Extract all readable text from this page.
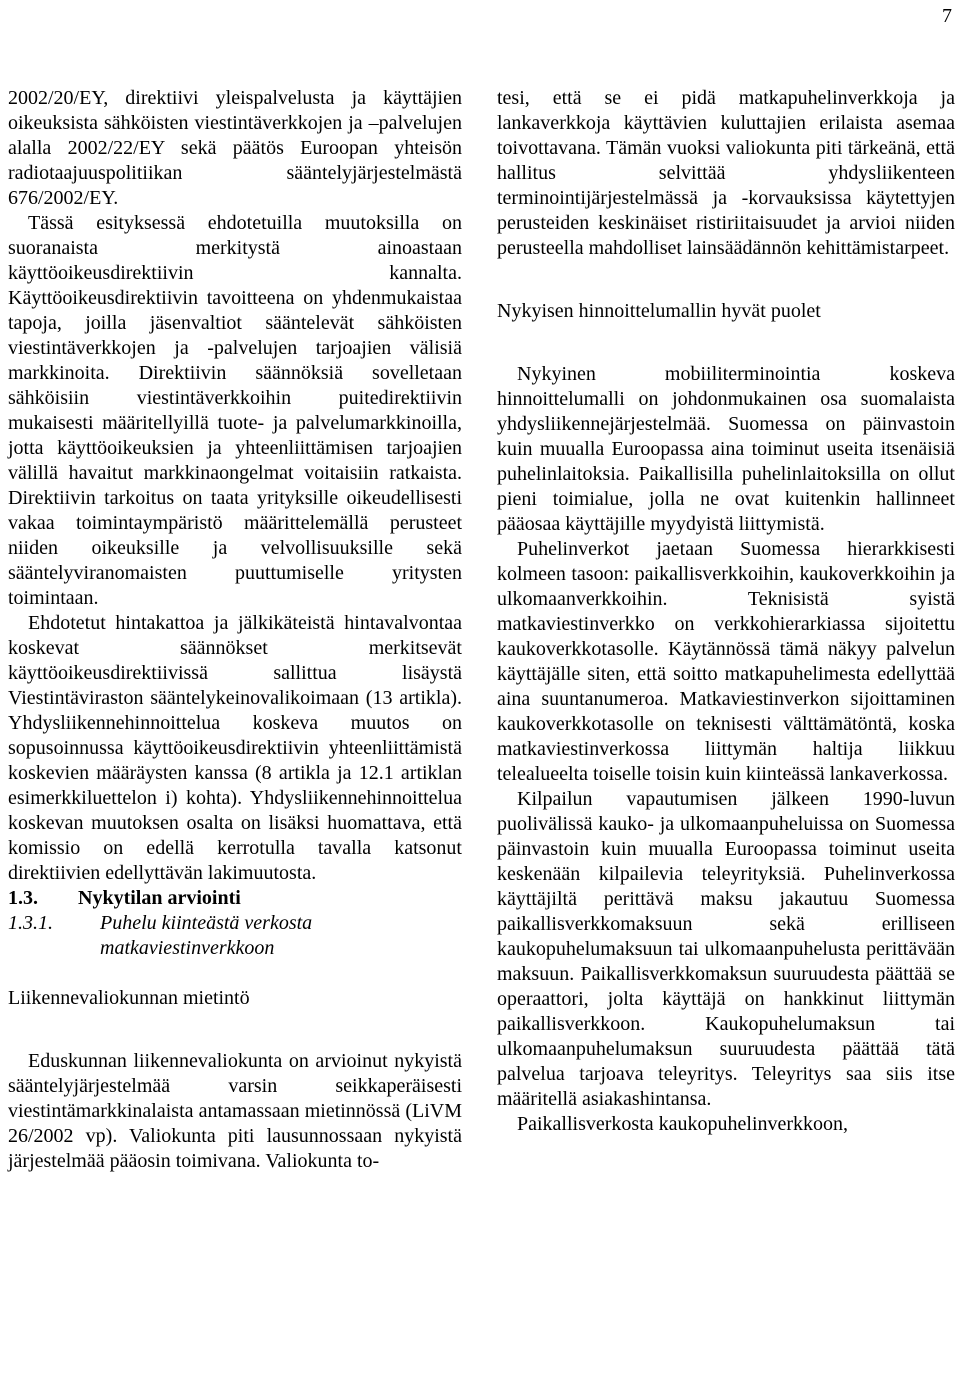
7

2002/20/EY, direktiivi yleispalvelusta ja käyttäjien oikeuksista sähköisten viestintäverkkojen ja –palvelujen alalla 2002/22/EY sekä päätös Euroopan yhteisön radiotaajuuspolitiikan sääntelyjärjestelmästä 676/2002/EY.

Tässä esityksessä ehdotetuilla muutoksilla on suoranaista merkitystä ainoastaan käyttöoikeusdirektiivin kannalta. Käyttöoikeusdirektiivin tavoitteena on yhdenmukaistaa tapoja, joilla jäsenvaltiot sääntelevät sähköisten viestintäverkkojen ja -palvelujen tarjoajien välisiä markkinoita. Direktiivin säännöksiä sovelletaan sähköisiin viestintäverkkoihin puitedirektiivin mukaisesti määritellyillä tuote- ja palvelumarkkinoilla, jotta käyttöoikeuksien ja yhteenliittämisen tarjoajien välillä havaitut markkinaongelmat voitaisiin ratkaista. Direktiivin tarkoitus on taata yrityksille oikeudellisesti vakaa toimintaympäristö määrittelemällä perusteet niiden oikeuksille ja velvollisuuksille sekä sääntelyviranomaisten puuttumiselle yritysten toimintaan.

Ehdotetut hintakattoa ja jälkikäteistä hintavalvontaa koskevat säännökset merkitsevät käyttöoikeusdirektiivissä sallittua lisäystä Viestintäviraston sääntelykeinovalikoimaan (13 artikla). Yhdysliikennehinnoittelua koskeva muutos on sopusoinnussa käyttöoikeusdirektiivin yhteenliittämistä koskevien määräysten kanssa (8 artikla ja 12.1 artiklan esimerkkiluettelon i) kohta). Yhdysliikennehinnoittelua koskevan muutoksen osalta on lisäksi huomattava, että komissio on edellä kerrotulla tavalla katsonut direktiivien edellyttävän lakimuutosta.

1.3. Nykytilan arviointi

1.3.1.	Puhelu kiinteästä verkosta matkaviestinverkkoon

Liikennevaliokunnan mietintö

Eduskunnan liikennevaliokunta on arvioinut nykyistä sääntelyjärjestelmää varsin seikkaperäisesti viestintämarkkinalaista antamassaan mietinnössä (LiVM 26/2002 vp). Valiokunta piti lausunnossaan nykyistä järjestelmää pääosin toimivana. Valiokunta to-

tesi, että se ei pidä matkapuhelinverkkoja ja lankaverkkoja käyttävien kuluttajien erilaista asemaa toivottavana. Tämän vuoksi valiokunta piti tärkeänä, että hallitus selvittää yhdysliikenteen terminointijärjestelmässä ja -korvauksissa käytettyjen perusteiden keskinäiset ristiriitaisuudet ja arvioi niiden perusteella mahdolliset lainsäädännön kehittämistarpeet.

Nykyisen hinnoittelumallin hyvät puolet

Nykyinen mobiiliterminointia koskeva hinnoittelumalli on johdonmukainen osa suomalaista yhdysliikennejärjestelmää. Suomessa on päinvastoin kuin muualla Euroopassa aina toiminut useita itsenäisiä puhelinlaitoksia. Paikallisilla puhelinlaitoksilla on ollut pieni toimialue, jolla ne ovat kuitenkin hallinneet pääosaa käyttäjille myydyistä liittymistä.

Puhelinverkot jaetaan Suomessa hierarkkisesti kolmeen tasoon: paikallisverkkoihin, kaukoverkkoihin ja ulkomaanverkkoihin. Teknisistä syistä matkaviestinverkko on verkkohierarkiassa sijoitettu kaukoverkkotasolle. Käytännössä tämä näkyy palvelun käyttäjälle siten, että soitto matkapuhelimesta edellyttää aina suuntanumeroa. Matkaviestinverkon sijoittaminen kaukoverkkotasolle on teknisesti välttämätöntä, koska matkaviestinverkossa liittymän haltija liikkuu telealueelta toiselle toisin kuin kiinteässä lankaverkossa.

Kilpailun vapautumisen jälkeen 1990-luvun puolivälissä kauko- ja ulkomaanpuheluissa on Suomessa päinvastoin kuin muualla Euroopassa toiminut useita keskenään kilpailevia teleyrityksiä. Puhelinverkossa käyttäjiltä perittävä maksu jakautuu Suomessa paikallisverkkomaksuun sekä erilliseen kaukopuhelumaksuun tai ulkomaanpuhelusta perittävään maksuun. Paikallisverkkomaksun suuruudesta päättää se operaattori, jolta käyttäjä on hankkinut liittymän paikallisverkkoon. Kaukopuhelumaksun tai ulkomaanpuhelumaksun suuruudesta päättää tätä palvelua tarjoava teleyritys. Teleyritys saa siis itse määritellä asiakashintansa.

Paikallisverkosta kaukopuhelinverkkoon,
